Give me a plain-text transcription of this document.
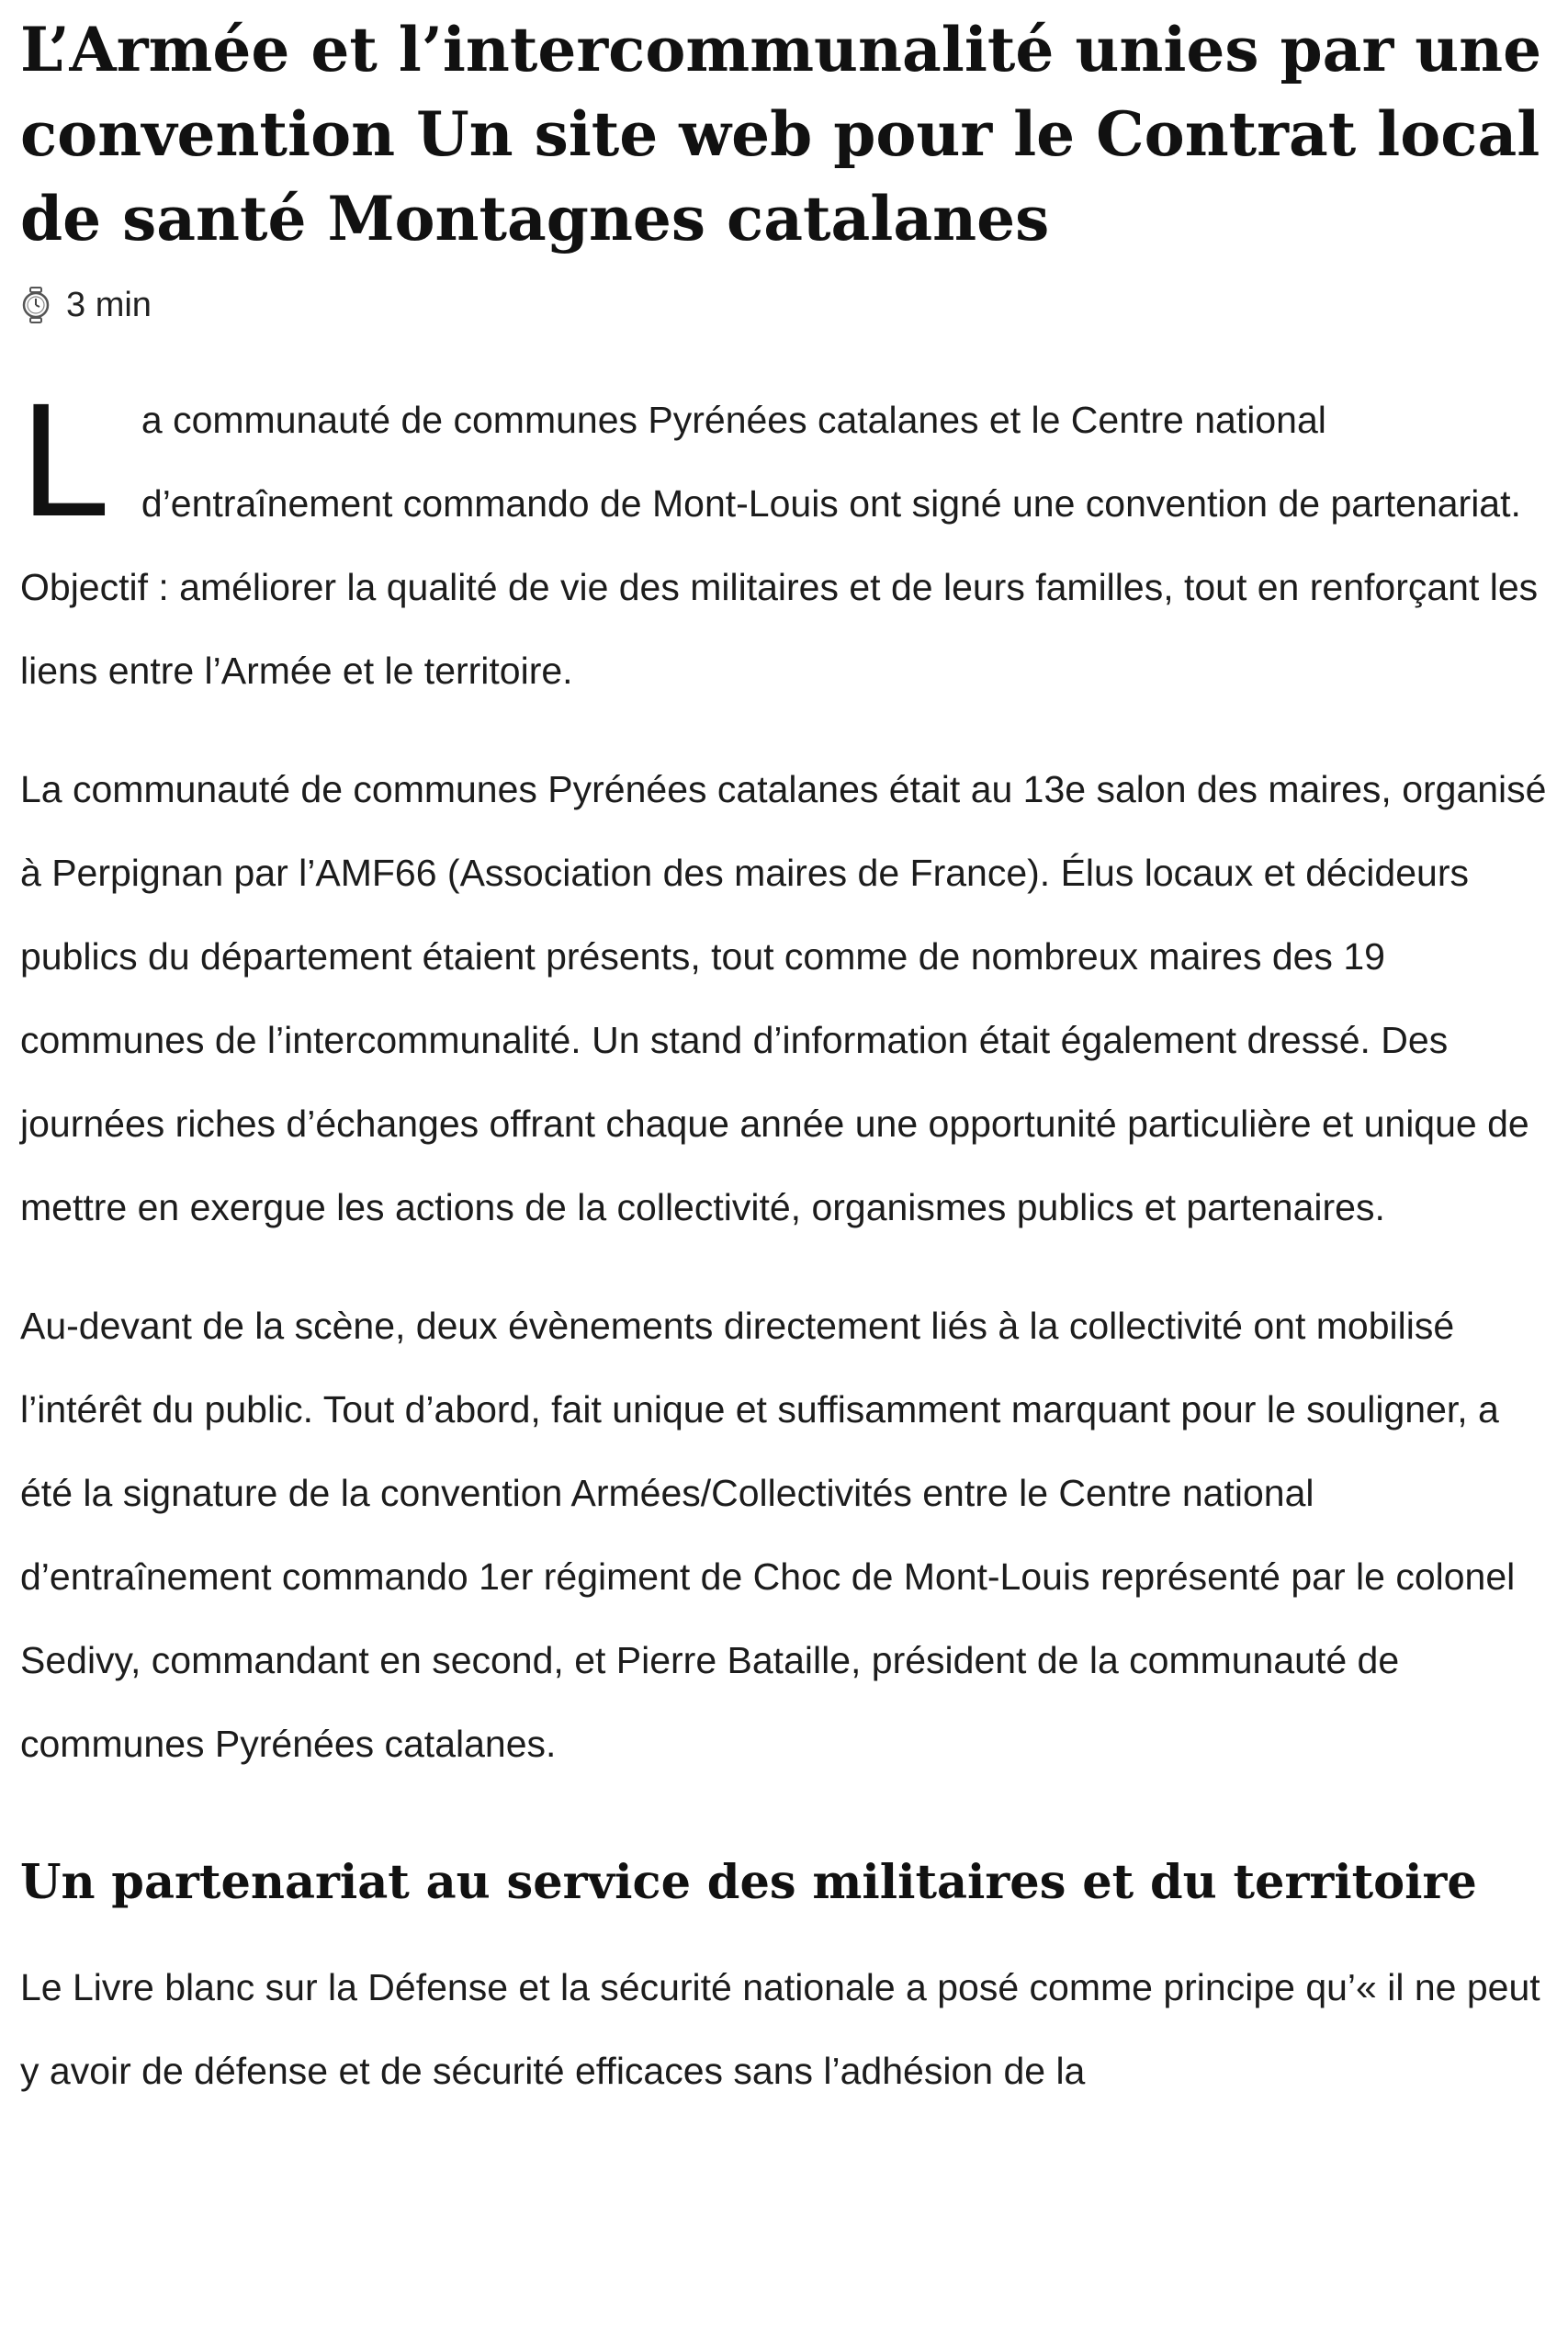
L’Armée et l’intercommunalité unies par une convention Un site web pour le Contrat local de santé Montagnes catalanes
3 min

L a communauté de communes Pyrénées catalanes et le Centre national d’entraînement commando de Mont-Louis ont signé une convention de partenariat. Objectif : améliorer la qualité de vie des militaires et de leurs familles, tout en renforçant les liens entre l’Armée et le territoire.

La communauté de communes Pyrénées catalanes était au 13e salon des maires, organisé à Perpignan par l’AMF66 (Association des maires de France). Élus locaux et décideurs publics du département étaient présents, tout comme de nombreux maires des 19 communes de l’intercommunalité. Un stand d’information était également dressé. Des journées riches d’échanges offrant chaque année une opportunité particulière et unique de mettre en exergue les actions de la collectivité, organismes publics et partenaires.

Au-devant de la scène, deux évènements directement liés à la collectivité ont mobilisé l’intérêt du public. Tout d’abord, fait unique et suffisamment marquant pour le souligner, a été la signature de la convention Armées/Collectivités entre le Centre national d’entraînement commando 1er régiment de Choc de Mont-Louis représenté par le colonel Sedivy, commandant en second, et Pierre Bataille, président de la communauté de communes Pyrénées catalanes.

Un partenariat au service des militaires et du territoire

Le Livre blanc sur la Défense et la sécurité nationale a posé comme principe qu’« il ne peut y avoir de défense et de sécurité efficaces sans l’adhésion de la
